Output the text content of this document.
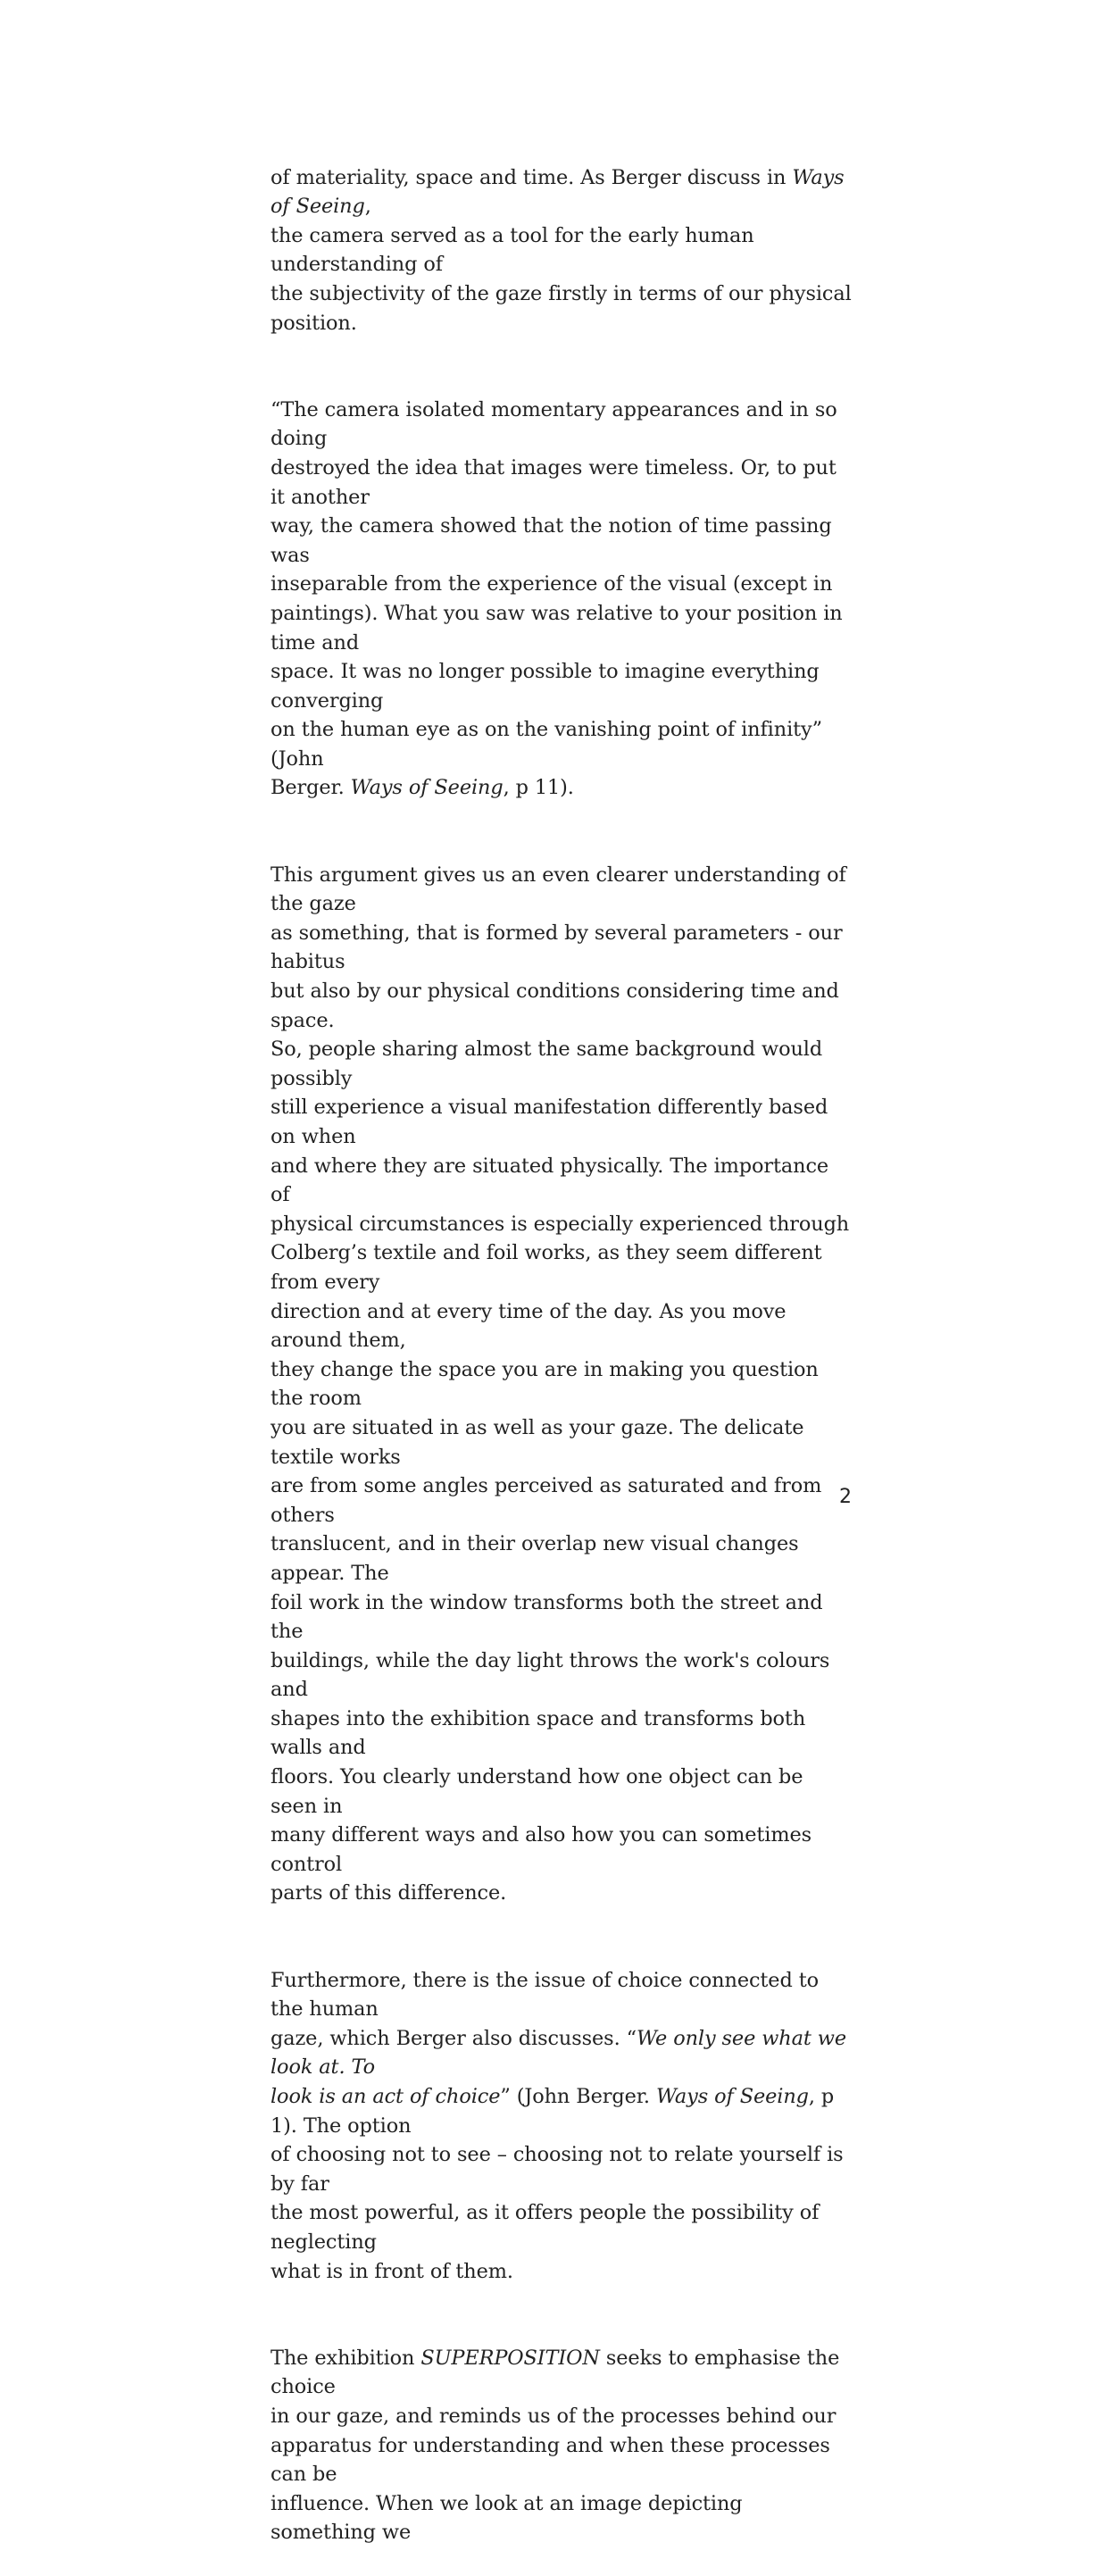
of materiality, space and time. As Berger discuss in Ways of Seeing,
the camera served as a tool for the early human understanding of
the subjectivity of the gaze firstly in terms of our physical
position.

“The camera isolated momentary appearances and in so doing
destroyed the idea that images were timeless. Or, to put it another
way, the camera showed that the notion of time passing was
inseparable from the experience of the visual (except in
paintings). What you saw was relative to your position in time and
space. It was no longer possible to imagine everything converging
on the human eye as on the vanishing point of infinity” (John
Berger. Ways of Seeing, p 11).

This argument gives us an even clearer understanding of the gaze
as something, that is formed by several parameters - our habitus
but also by our physical conditions considering time and space.
So, people sharing almost the same background would possibly
still experience a visual manifestation differently based on when
and where they are situated physically. The importance of
physical circumstances is especially experienced through
Colberg’s textile and foil works, as they seem different from every
direction and at every time of the day. As you move around them,
they change the space you are in making you question the room
you are situated in as well as your gaze. The delicate textile works
are from some angles perceived as saturated and from others
translucent, and in their overlap new visual changes appear. The
foil work in the window transforms both the street and the
buildings, while the day light throws the work's colours and
shapes into the exhibition space and transforms both walls and
floors. You clearly understand how one object can be seen in
many different ways and also how you can sometimes control
parts of this difference.

Furthermore, there is the issue of choice connected to the human
gaze, which Berger also discusses. “We only see what we look at. To
look is an act of choice” (John Berger. Ways of Seeing, p 1). The option
of choosing not to see – choosing not to relate yourself is by far
the most powerful, as it offers people the possibility of neglecting
what is in front of them.

The exhibition SUPERPOSITION seeks to emphasise the choice
in our gaze, and reminds us of the processes behind our
apparatus for understanding and when these processes can be
influence. When we look at an image depicting something we

2
